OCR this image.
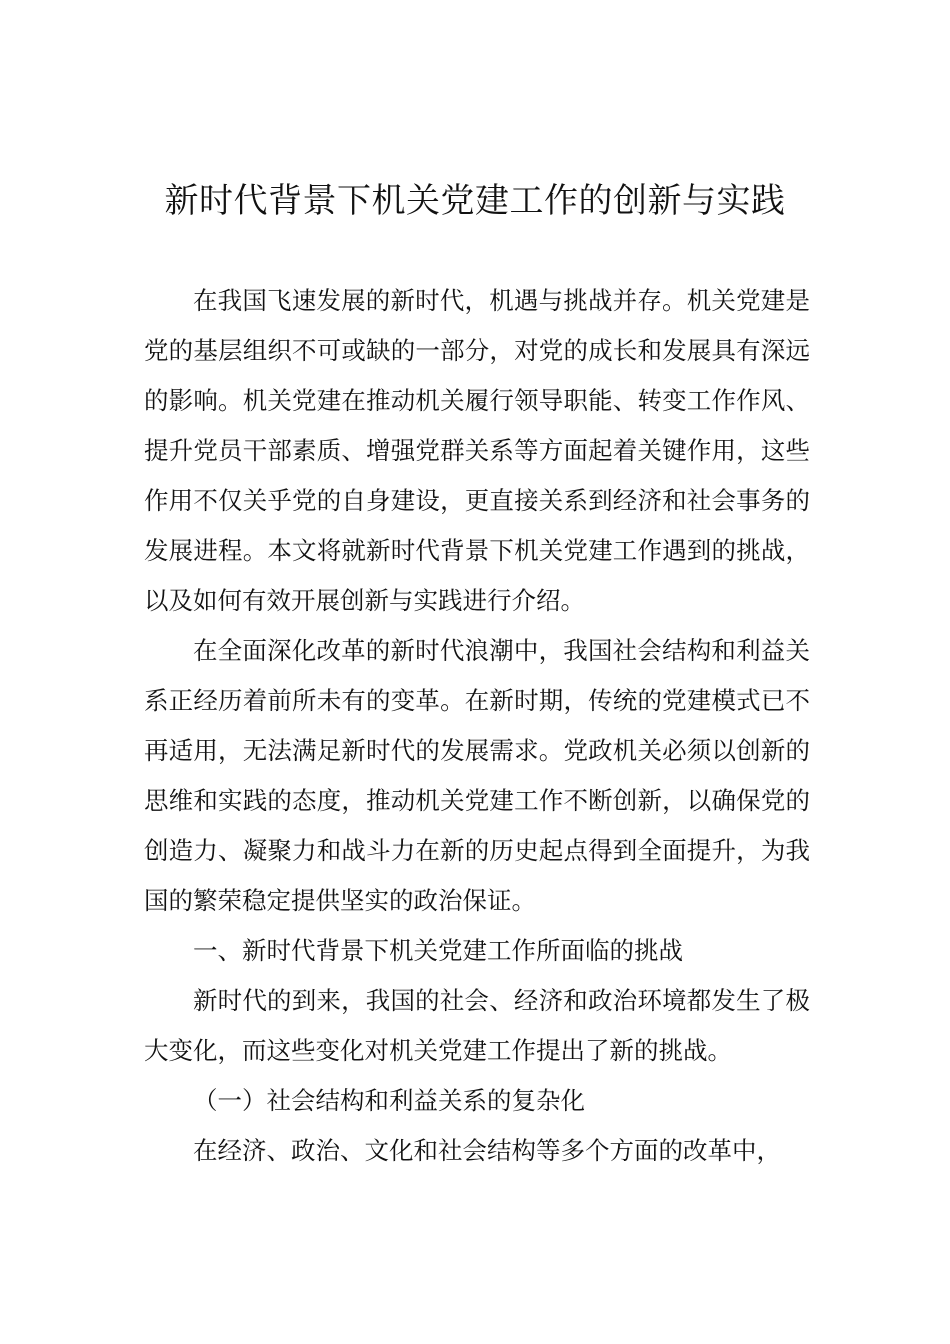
新时代背景下机关党建工作的创新与实践

在我国飞速发展的新时代，机遇与挑战并存。机关党建是党的基层组织不可或缺的一部分，对党的成长和发展具有深远的影响。机关党建在推动机关履行领导职能、转变工作作风、提升党员干部素质、增强党群关系等方面起着关键作用，这些作用不仅关乎党的自身建设，更直接关系到经济和社会事务的发展进程。本文将就新时代背景下机关党建工作遇到的挑战，以及如何有效开展创新与实践进行介绍。

在全面深化改革的新时代浪潮中，我国社会结构和利益关系正经历着前所未有的变革。在新时期，传统的党建模式已不再适用，无法满足新时代的发展需求。党政机关必须以创新的思维和实践的态度，推动机关党建工作不断创新，以确保党的创造力、凝聚力和战斗力在新的历史起点得到全面提升，为我国的繁荣稳定提供坚实的政治保证。

一、新时代背景下机关党建工作所面临的挑战

新时代的到来，我国的社会、经济和政治环境都发生了极大变化，而这些变化对机关党建工作提出了新的挑战。

（一）社会结构和利益关系的复杂化

在经济、政治、文化和社会结构等多个方面的改革中，
